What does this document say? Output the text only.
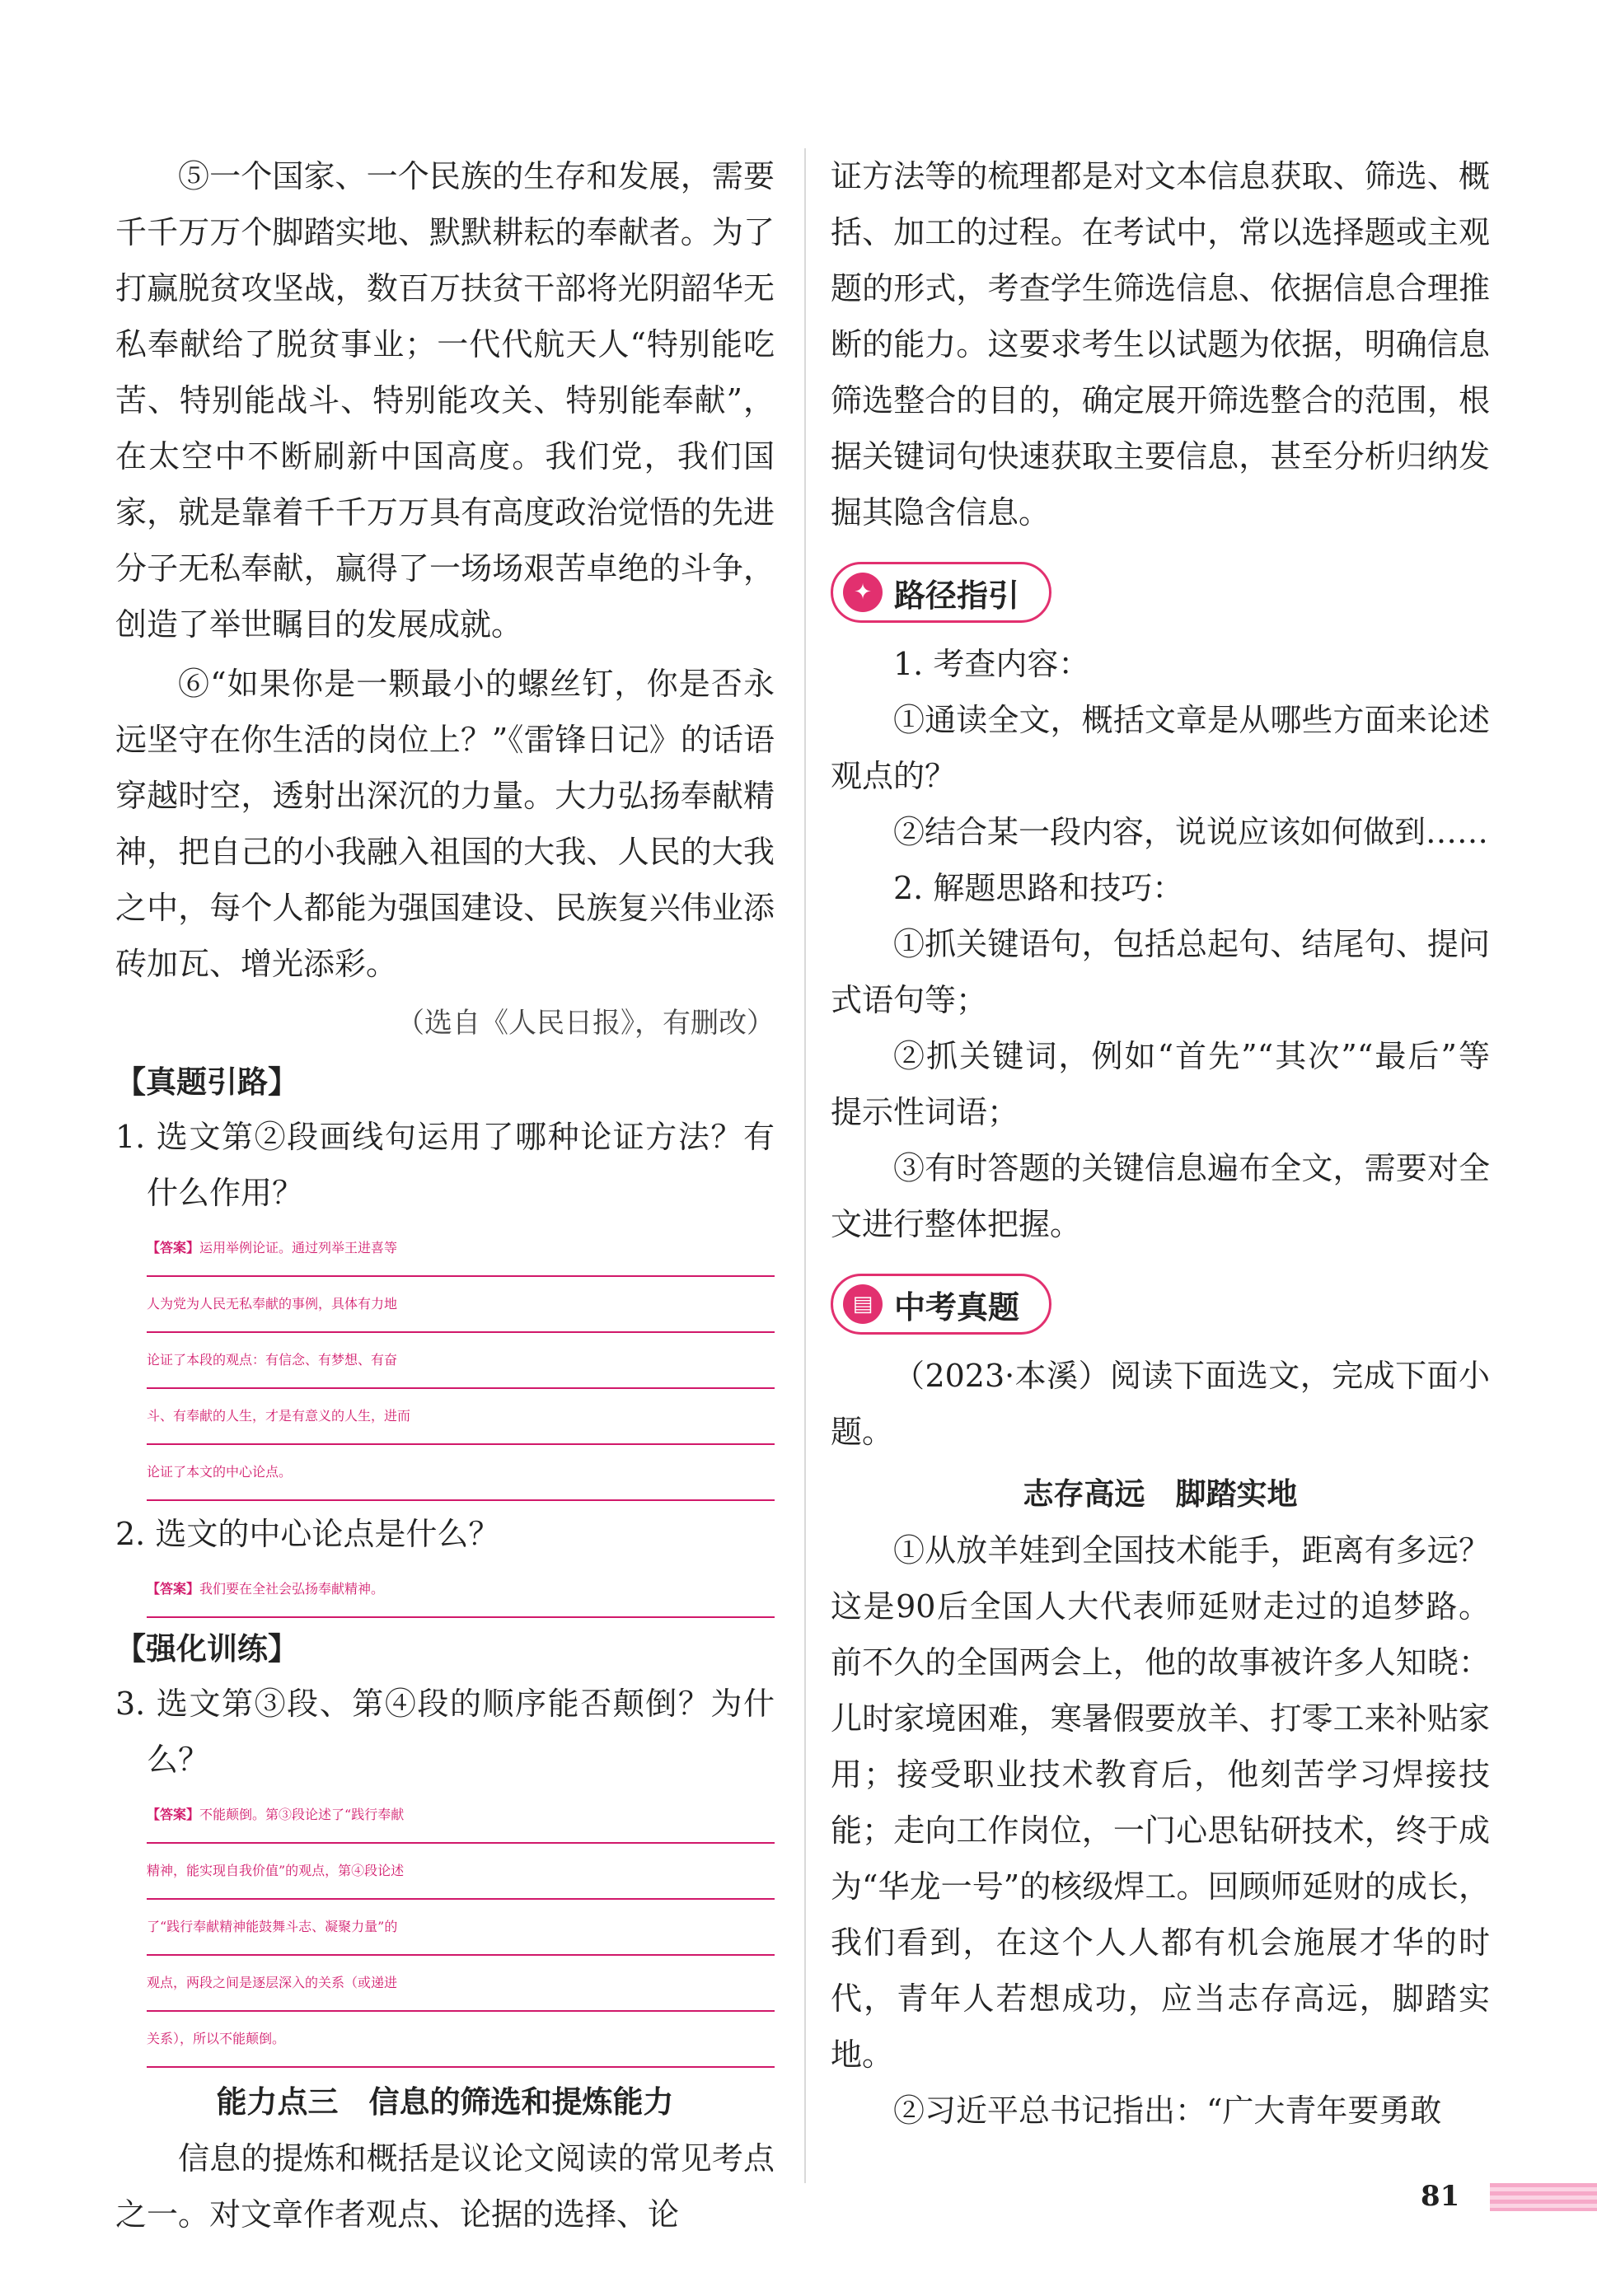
⑤一个国家、一个民族的生存和发展，需要千千万万个脚踏实地、默默耕耘的奉献者。为了打赢脱贫攻坚战，数百万扶贫干部将光阴韶华无私奉献给了脱贫事业；一代代航天人“特别能吃苦、特别能战斗、特别能攻关、特别能奉献”，在太空中不断刷新中国高度。我们党，我们国家，就是靠着千千万万具有高度政治觉悟的先进分子无私奉献，赢得了一场场艰苦卓绝的斗争，创造了举世瞩目的发展成就。

⑥“如果你是一颗最小的螺丝钉，你是否永远坚守在你生活的岗位上？”《雷锋日记》的话语穿越时空，透射出深沉的力量。大力弘扬奉献精神，把自己的小我融入祖国的大我、人民的大我之中，每个人都能为强国建设、民族复兴伟业添砖加瓦、增光添彩。

（选自《人民日报》，有删改）

【真题引路】

1. 选文第②段画线句运用了哪种论证方法？有什么作用？

【答案】运用举例论证。通过列举王进喜等
人为党为人民无私奉献的事例，具体有力地
论证了本段的观点：有信念、有梦想、有奋
斗、有奉献的人生，才是有意义的人生，进而
论证了本文的中心论点。

2. 选文的中心论点是什么？

【答案】我们要在全社会弘扬奉献精神。
【强化训练】

3. 选文第③段、第④段的顺序能否颠倒？为什么？

【答案】不能颠倒。第③段论述了“践行奉献
精神，能实现自我价值”的观点，第④段论述
了“践行奉献精神能鼓舞斗志、凝聚力量”的
观点，两段之间是逐层深入的关系（或递进
关系），所以不能颠倒。
能力点三　信息的筛选和提炼能力

信息的提炼和概括是议论文阅读的常见考点之一。对文章作者观点、论据的选择、论

证方法等的梳理都是对文本信息获取、筛选、概括、加工的过程。在考试中，常以选择题或主观题的形式，考查学生筛选信息、依据信息合理推断的能力。这要求考生以试题为依据，明确信息筛选整合的目的，确定展开筛选整合的范围，根据关键词句快速获取主要信息，甚至分析归纳发掘其隐含信息。

✦ 路径指引

1. 考查内容：

①通读全文，概括文章是从哪些方面来论述观点的？

②结合某一段内容，说说应该如何做到……

2. 解题思路和技巧：

①抓关键语句，包括总起句、结尾句、提问式语句等；

②抓关键词，例如“首先”“其次”“最后”等提示性词语；

③有时答题的关键信息遍布全文，需要对全文进行整体把握。

▤ 中考真题

（2023·本溪）阅读下面选文，完成下面小题。

志存高远　脚踏实地

①从放羊娃到全国技术能手，距离有多远？这是90后全国人大代表师延财走过的追梦路。前不久的全国两会上，他的故事被许多人知晓：儿时家境困难，寒暑假要放羊、打零工来补贴家用；接受职业技术教育后，他刻苦学习焊接技能；走向工作岗位，一门心思钻研技术，终于成为“华龙一号”的核级焊工。回顾师延财的成长，我们看到，在这个人人都有机会施展才华的时代，青年人若想成功，应当志存高远，脚踏实地。

②习近平总书记指出：“广大青年要勇敢

81
